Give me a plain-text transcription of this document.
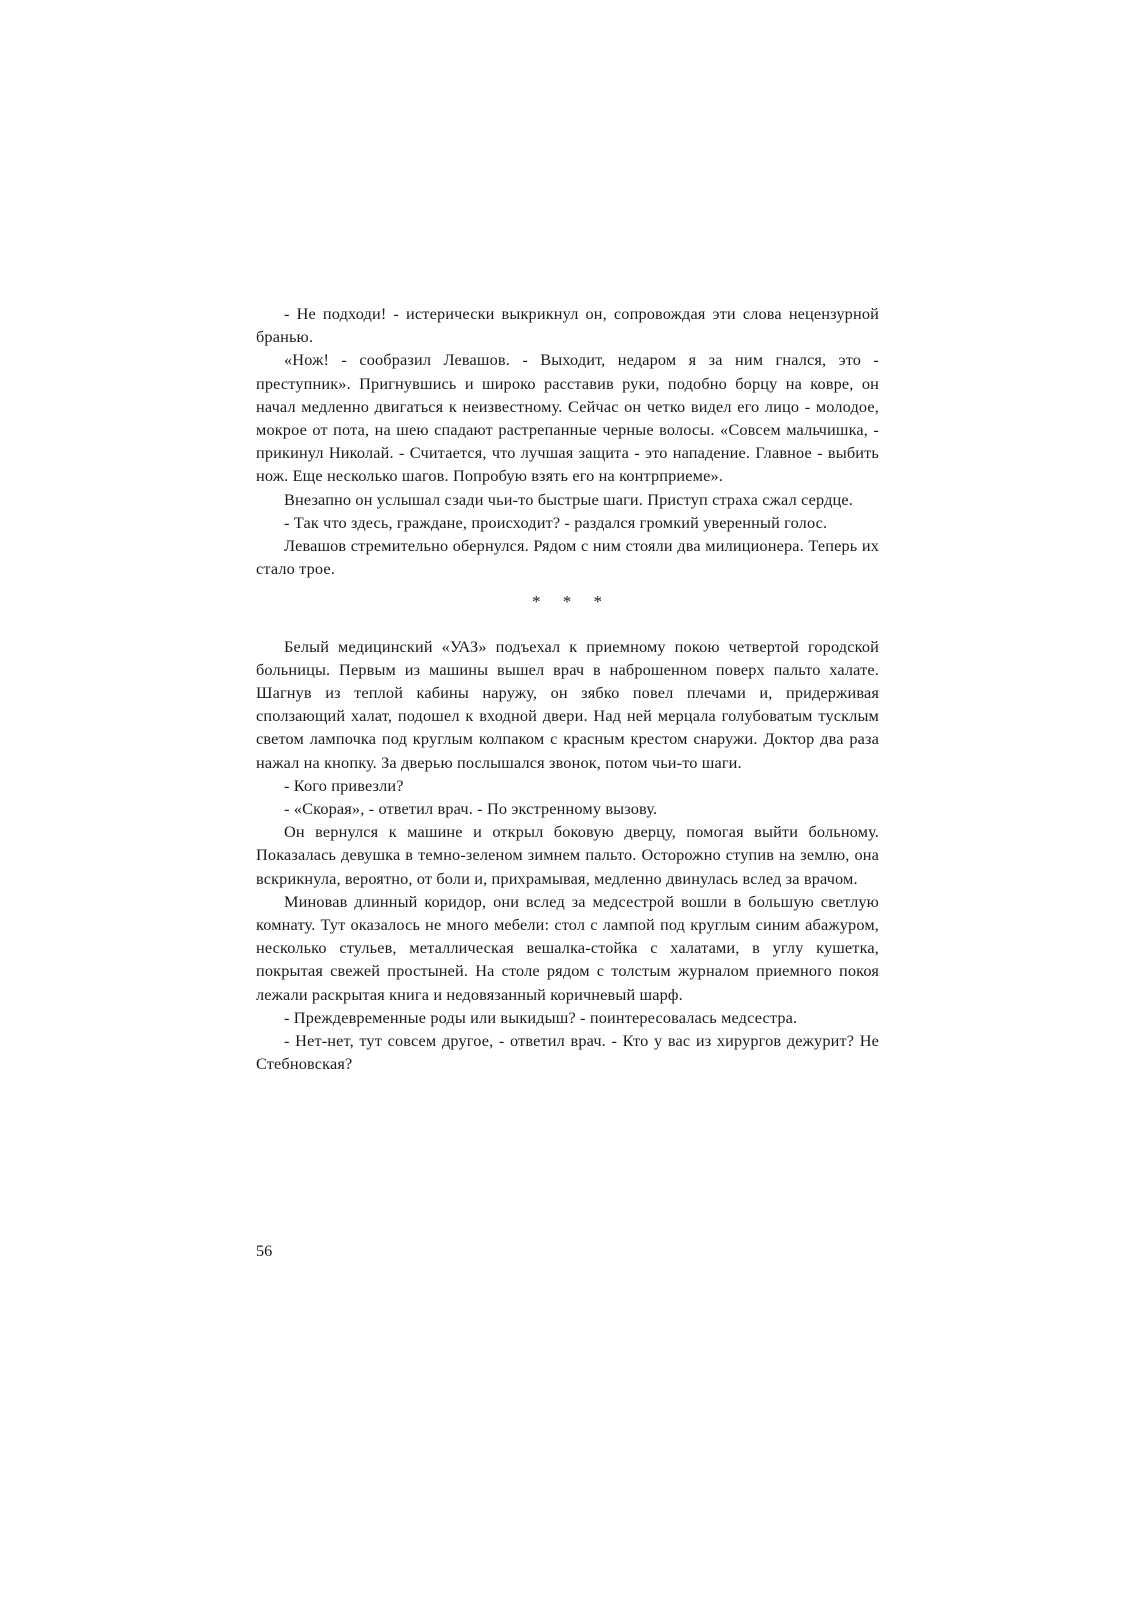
- Не подходи! - истерически выкрикнул он, сопровождая эти слова нецензурной бранью.

«Нож! - сообразил Левашов. - Выходит, недаром я за ним гнался, это - преступник». Пригнувшись и широко расставив руки, подобно борцу на ковре, он начал медленно двигаться к неизвестному. Сейчас он четко видел его лицо - молодое, мокрое от пота, на шею спадают растрепанные черные волосы. «Совсем мальчишка, - прикинул Николай. - Считается, что лучшая защита - это нападение. Главное - выбить нож. Еще несколько шагов. Попробую взять его на контрприеме».

Внезапно он услышал сзади чьи-то быстрые шаги. Приступ страха сжал сердце.

- Так что здесь, граждане, происходит? - раздался громкий уверенный голос.

Левашов стремительно обернулся. Рядом с ним стояли два милиционера. Теперь их стало трое.

* * *

Белый медицинский «УАЗ» подъехал к приемному покою четвертой городской больницы. Первым из машины вышел врач в наброшенном поверх пальто халате. Шагнув из теплой кабины наружу, он зябко повел плечами и, придерживая сползающий халат, подошел к входной двери. Над ней мерцала голубоватым тусклым светом лампочка под круглым колпаком с красным крестом снаружи. Доктор два раза нажал на кнопку. За дверью послышался звонок, потом чьи-то шаги.

- Кого привезли?

- «Скорая», - ответил врач. - По экстренному вызову.

Он вернулся к машине и открыл боковую дверцу, помогая выйти больному. Показалась девушка в темно-зеленом зимнем пальто. Осторожно ступив на землю, она вскрикнула, вероятно, от боли и, прихрамывая, медленно двинулась вслед за врачом.

Миновав длинный коридор, они вслед за медсестрой вошли в большую светлую комнату. Тут оказалось не много мебели: стол с лампой под круглым синим абажуром, несколько стульев, металлическая вешалка-стойка с халатами, в углу кушетка, покрытая свежей простыней. На столе рядом с толстым журналом приемного покоя лежали раскрытая книга и недовязанный коричневый шарф.

- Преждевременные роды или выкидыш? - поинтересовалась медсестра.

- Нет-нет, тут совсем другое, - ответил врач. - Кто у вас из хирургов дежурит? Не Стебновская?

56
